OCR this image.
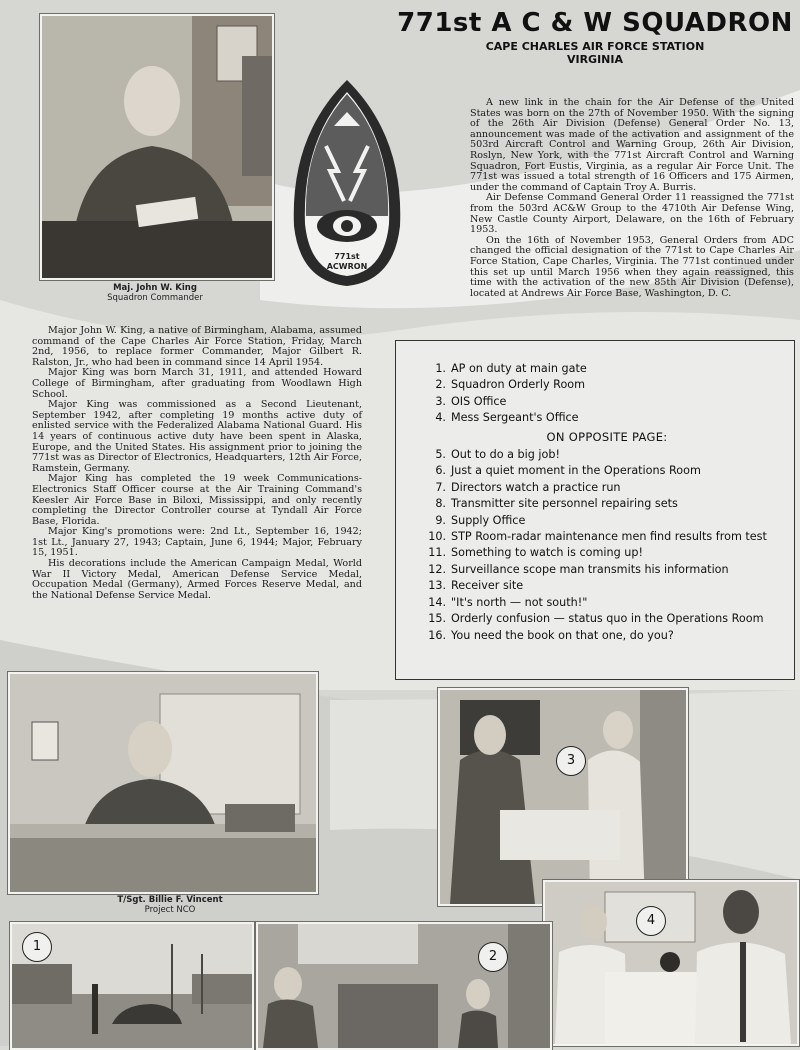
771st A C & W SQUADRON
CAPE CHARLES AIR FORCE STATION
VIRGINIA
Maj. John W. King
Squadron Commander
771st ACWRON

A new link in the chain for the Air Defense of the United States was born on the 27th of November 1950. With the signing of the 26th Air Division (Defense) General Order No. 13, announcement was made of the activation and assignment of the 503rd Aircraft Control and Warning Group, 26th Air Division, Roslyn, New York, with the 771st Aircraft Control and Warning Squadron, Fort Eustis, Virginia, as a regular Air Force Unit. The 771st was issued a total strength of 16 Officers and 175 Airmen, under the command of Captain Troy A. Burris.

Air Defense Command General Order 11 reassigned the 771st from the 503rd AC&W Group to the 4710th Air Defense Wing, New Castle County Airport, Delaware, on the 16th of February 1953.

On the 16th of November 1953, General Orders from ADC changed the official designation of the 771st to Cape Charles Air Force Station, Cape Charles, Virginia. The 771st continued under this set up until March 1956 when they again reassigned, this time with the activation of the new 85th Air Division (Defense), located at Andrews Air Force Base, Washington, D. C.

Major John W. King, a native of Birmingham, Alabama, assumed command of the Cape Charles Air Force Station, Friday, March 2nd, 1956, to replace former Commander, Major Gilbert R. Ralston, Jr., who had been in command since 14 April 1954.

Major King was born March 31, 1911, and attended Howard College of Birmingham, after graduating from Woodlawn High School.

Major King was commissioned as a Second Lieutenant, September 1942, after completing 19 months active duty of enlisted service with the Federalized Alabama National Guard. His 14 years of continuous active duty have been spent in Alaska, Europe, and the United States. His assignment prior to joining the 771st was as Director of Electronics, Headquarters, 12th Air Force, Ramstein, Germany.

Major King has completed the 19 week Communications-Electronics Staff Officer course at the Air Training Command's Keesler Air Force Base in Biloxi, Mississippi, and only recently completing the Director Controller course at Tyndall Air Force Base, Florida.

Major King's promotions were: 2nd Lt., September 16, 1942; 1st Lt., January 27, 1943; Captain, June 6, 1944; Major, February 15, 1951.

His decorations include the American Campaign Medal, World War II Victory Medal, American Defense Service Medal, Occupation Medal (Germany), Armed Forces Reserve Medal, and the National Defense Service Medal.

1. AP on duty at main gate
2. Squadron Orderly Room
3. OIS Office
4. Mess Sergeant's Office
ON OPPOSITE PAGE:
5. Out to do a big job!
6. Just a quiet moment in the Operations Room
7. Directors watch a practice run
8. Transmitter site personnel repairing sets
9. Supply Office
10. STP Room-radar maintenance men find results from test
11. Something to watch is coming up!
12. Surveillance scope man transmits his information
13. Receiver site
14. "It's north — not south!"
15. Orderly confusion — status quo in the Operations Room
16. You need the book on that one, do you?
T/Sgt. Billie F. Vincent
Project NCO
3
4
1
2
